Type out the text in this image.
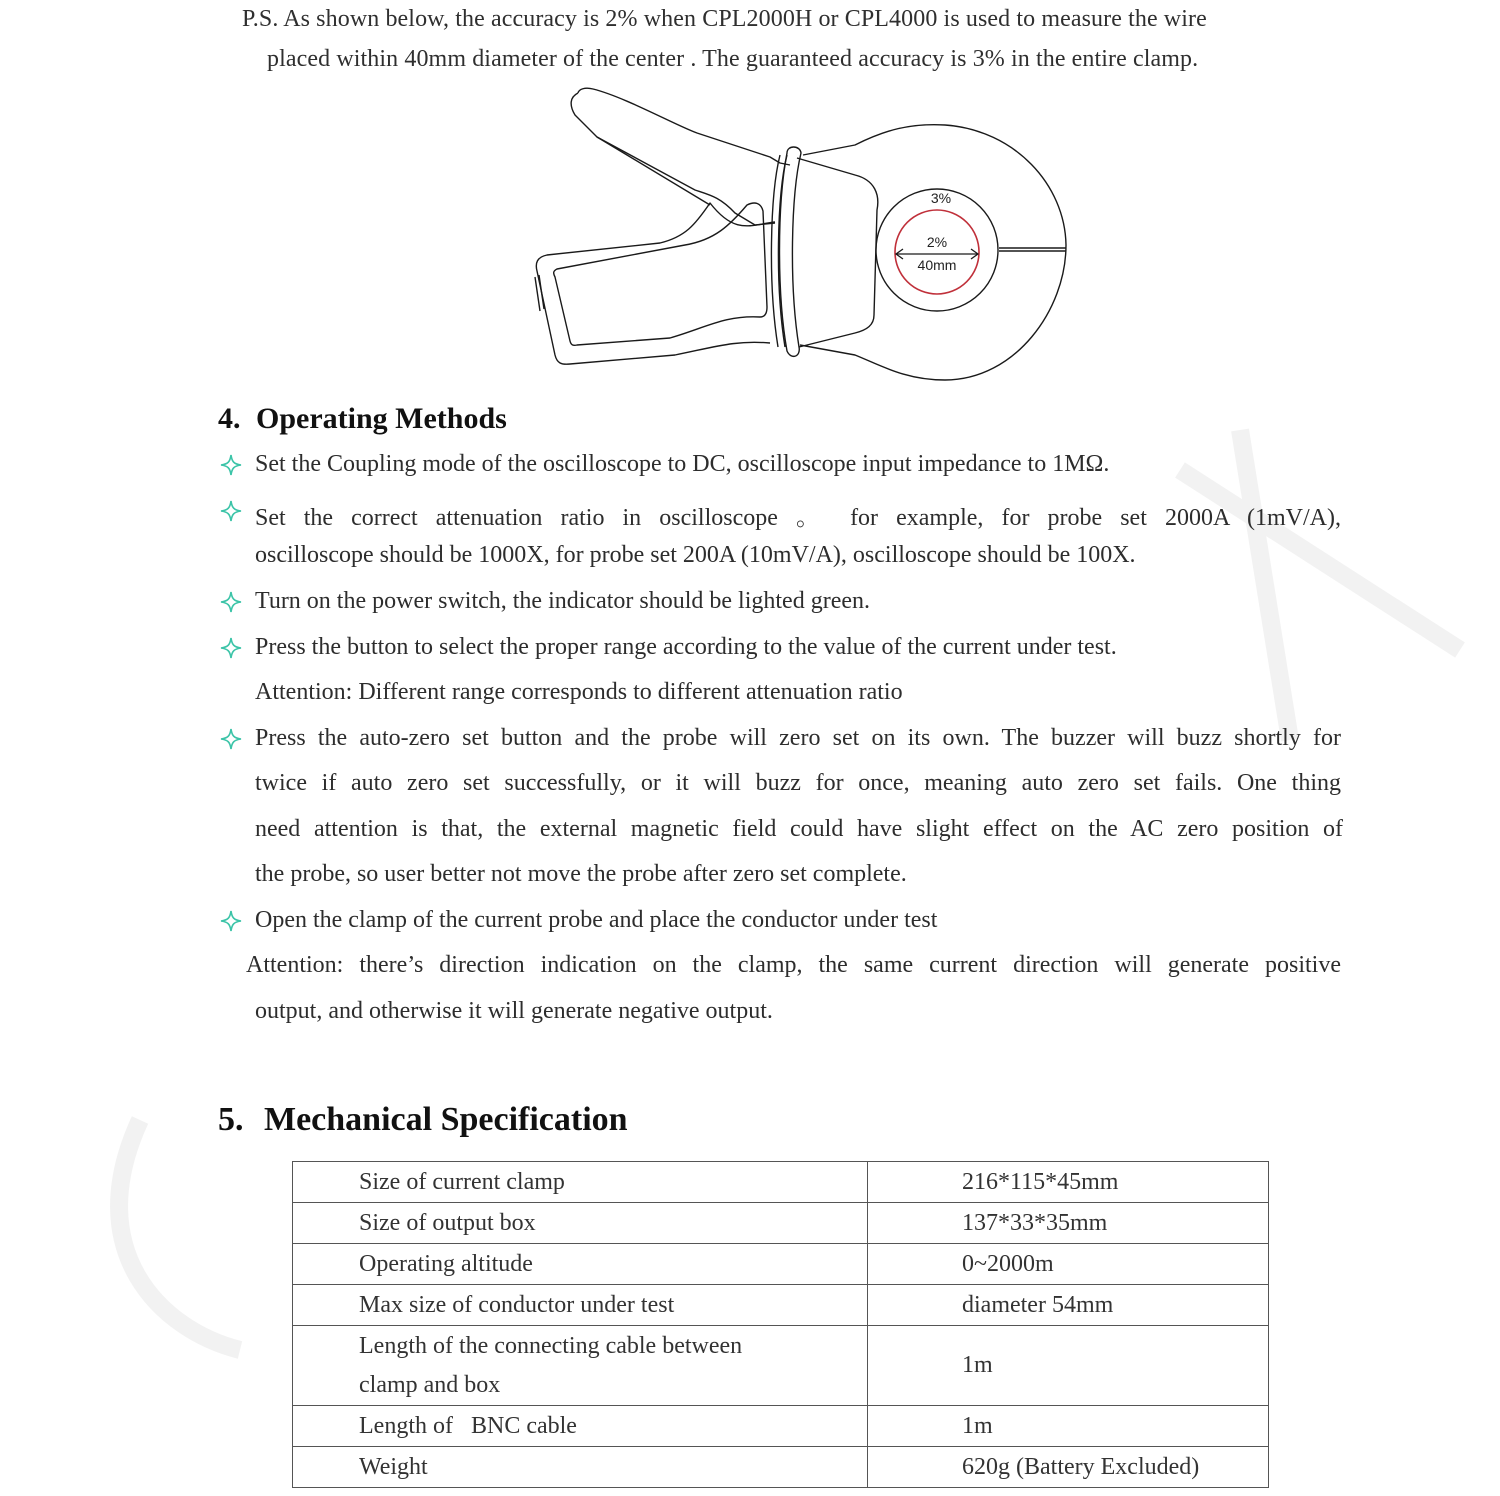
P.S. As shown below, the accuracy is 2% when CPL2000H or CPL4000 is used to measure the wire
placed within 40mm diameter of the center . The guaranteed accuracy is 3% in the entire clamp.
3%
2%
40mm
4. Operating Methods
Set the Coupling mode of the oscilloscope to DC, oscilloscope input impedance to 1MΩ.
Set the correct attenuation ratio in oscilloscope 。 for example, for probe set 2000A (1mV/A),
oscilloscope should be 1000X, for probe set 200A (10mV/A), oscilloscope should be 100X.
Turn on the power switch, the indicator should be lighted green.
Press the button to select the proper range according to the value of the current under test.
Attention: Different range corresponds to different attenuation ratio
Press the auto-zero set button and the probe will zero set on its own. The buzzer will buzz shortly for
twice if auto zero set successfully, or it will buzz for once, meaning auto zero set fails. One thing
need attention is that, the external magnetic field could have slight effect on the AC zero position of
the probe, so user better not move the probe after zero set complete.
Open the clamp of the current probe and place the conductor under test
Attention: there’s direction indication on the clamp, the same current direction will generate positive
output, and otherwise it will generate negative output.
5. Mechanical Specification
Size of current clamp	216*115*45mm
Size of output box	137*33*35mm
Operating altitude	0~2000m
Max size of conductor under test	diameter 54mm

Length of the connecting cable between
clamp and box	1m
Length of   BNC cable	1m
Weight	620g (Battery Excluded)
